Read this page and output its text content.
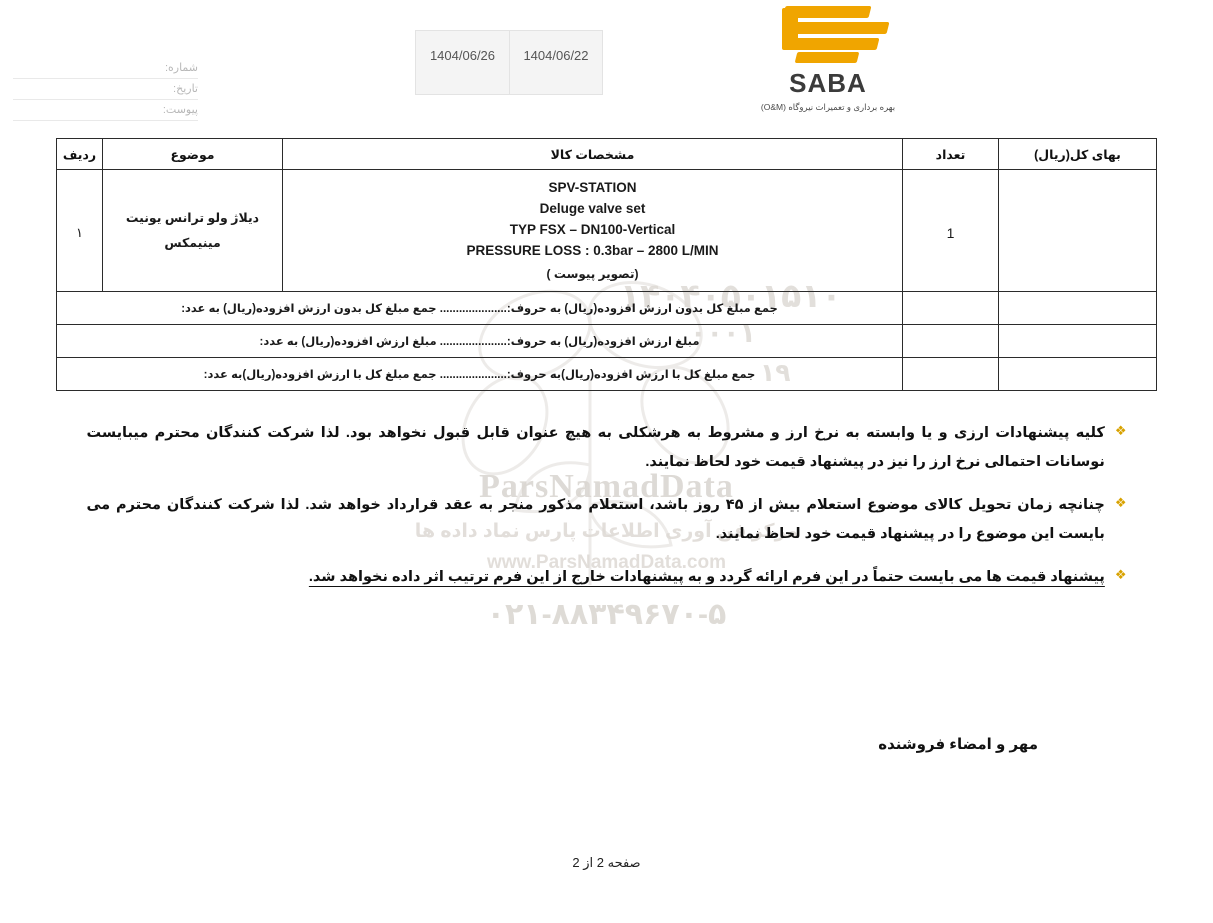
۱۴۰۴۰۵۰۱۵۱۰
۰۰۰۱
۱۹
ParsNamadData
مرکز فن آوری اطلاعات پارس نماد داده ها
www.ParsNamadData.com
۰۲۱-۸۸۳۴۹۶۷۰-۵
شماره:
تاریخ:
پیوست:
1404/06/22
1404/06/26
SABA
بهره برداری و تعمیرات نیروگاه (O&M)
بهای کل(ریال)	تعداد	مشخصات کالا	موضوع	ردیف
	1	SPV-STATION
Deluge valve set
TYP FSX – DN100-Vertical
PRESSURE LOSS : 0.3bar – 2800 L/MIN
(تصویر پیوست )	دیلاژ ولو ترانس یونیت مینیمکس	۱
		جمع مبلغ کل بدون ارزش افزوده(ریال) به حروف:..................... جمع مبلغ کل بدون ارزش افزوده(ریال) به عدد:		
		مبلغ ارزش افزوده(ریال) به حروف:..................... مبلغ ارزش افزوده(ریال) به عدد:		
		جمع مبلغ کل با ارزش افزوده(ریال)به حروف:..................... جمع مبلغ کل با ارزش افزوده(ریال)به عدد:		
❖
کلیه پیشنهادات ارزی و یا وابسته به نرخ ارز و مشروط به هرشکلی به هیچ عنوان قابل قبول نخواهد بود. لذا شرکت کنندگان محترم میبایست نوسانات احتمالی نرخ ارز را نیز در پیشنهاد قیمت خود لحاظ نمایند.
❖
چنانچه زمان تحویل کالای موضوع استعلام بیش از ۴۵ روز باشد، استعلام مذکور منجر به عقد قرارداد خواهد شد. لذا شرکت کنندگان محترم می بایست این موضوع را در پیشنهاد قیمت خود لحاظ نمایند.
❖
پیشنهاد قیمت ها می بایست حتماً در این فرم ارائه گردد و به پیشنهادات خارج از این فرم ترتیب اثر داده نخواهد شد.
مهر و امضاء فروشنده
صفحه 2 از 2
